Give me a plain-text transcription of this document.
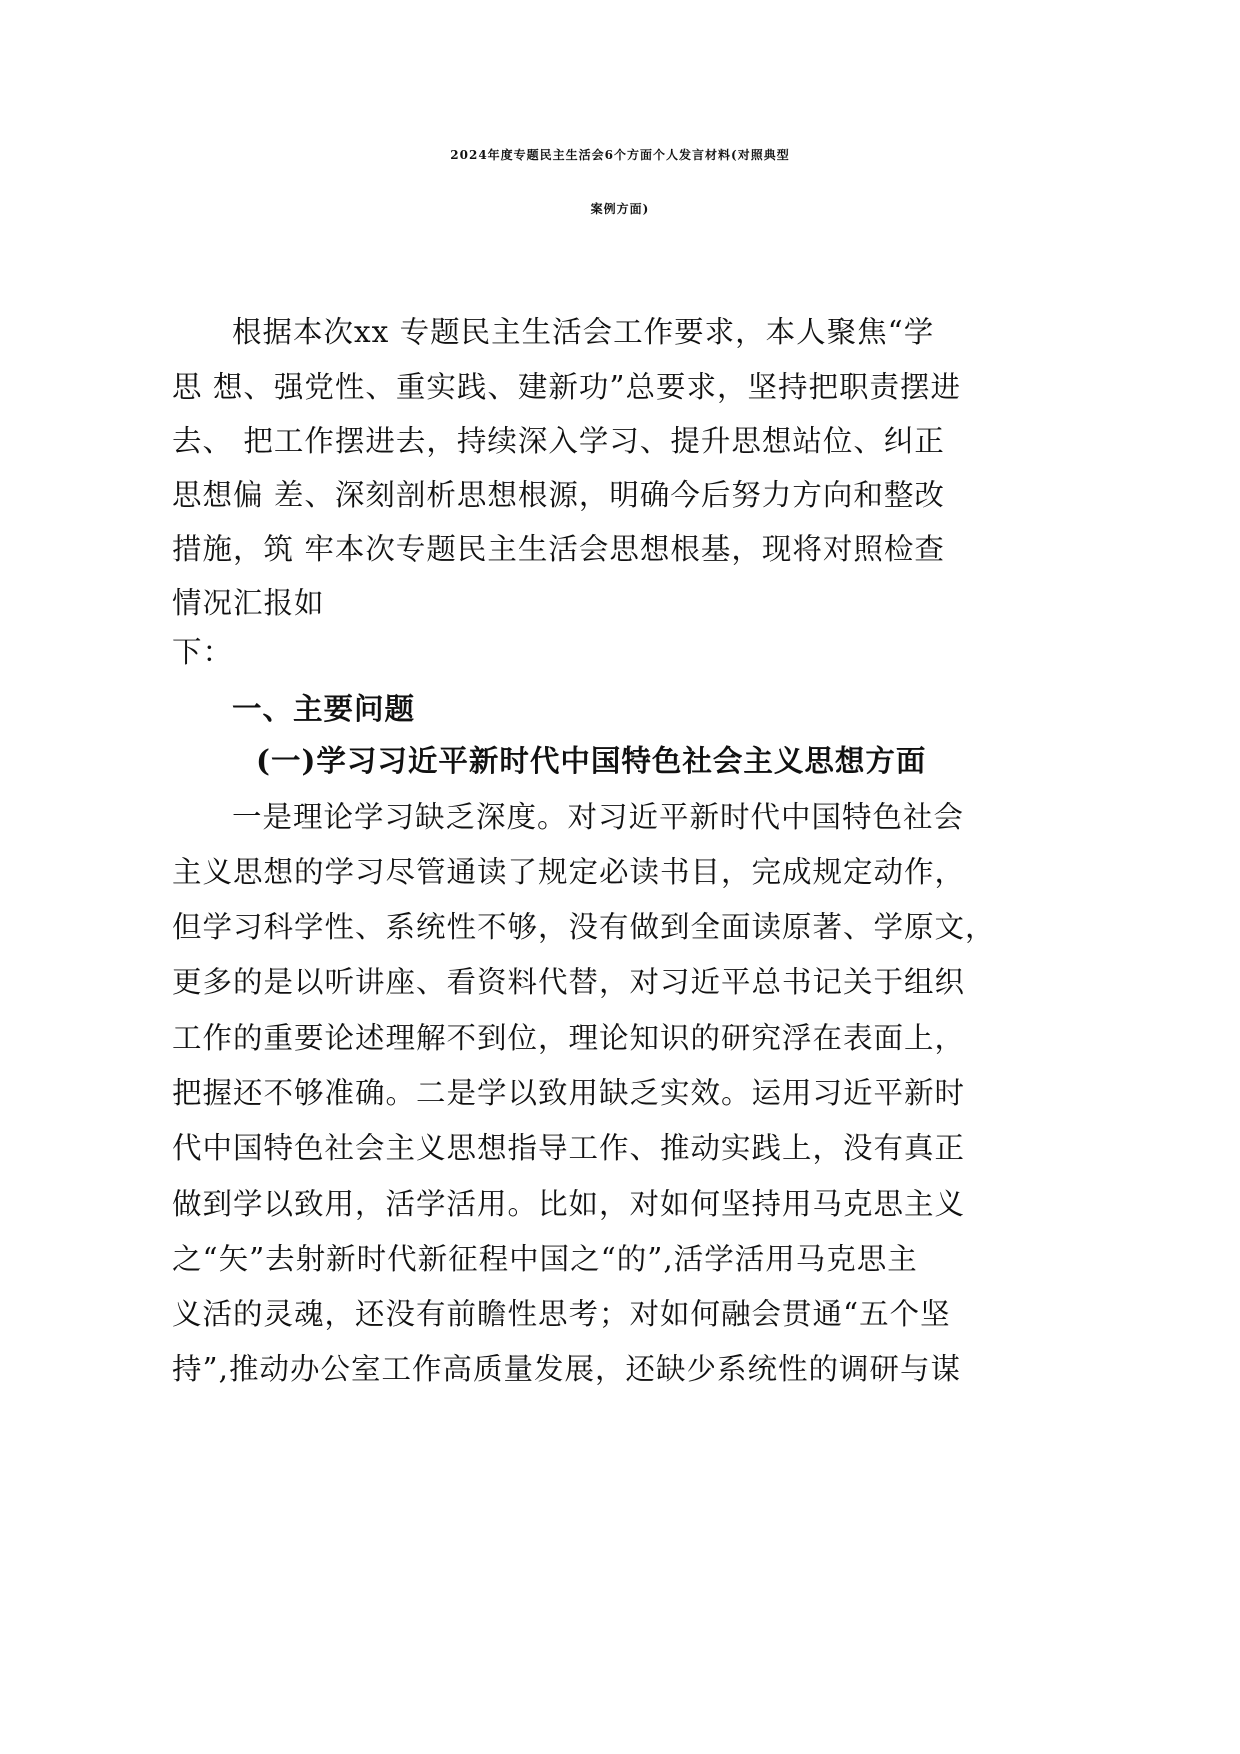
2024年度专题民主生活会6个方面个人发言材料(对照典型
案例方面)
根据本次xx 专题民主生活会工作要求，本人聚焦“学
思 想、强党性、重实践、建新功”总要求，坚持把职责摆进
去、 把工作摆进去，持续深入学习、提升思想站位、纠正
思想偏 差、深刻剖析思想根源，明确今后努力方向和整改
措施，筑 牢本次专题民主生活会思想根基，现将对照检查
情况汇报如
下：
一、主要问题
(一)学习习近平新时代中国特色社会主义思想方面
一是理论学习缺乏深度。对习近平新时代中国特色社会
主义思想的学习尽管通读了规定必读书目，完成规定动作，
但学习科学性、系统性不够，没有做到全面读原著、学原文，
更多的是以听讲座、看资料代替，对习近平总书记关于组织
工作的重要论述理解不到位，理论知识的研究浮在表面上，
把握还不够准确。二是学以致用缺乏实效。运用习近平新时
代中国特色社会主义思想指导工作、推动实践上，没有真正
做到学以致用，活学活用。比如，对如何坚持用马克思主义
之“矢”去射新时代新征程中国之“的”,活学活用马克思主
义活的灵魂，还没有前瞻性思考；对如何融会贯通“五个坚
持”,推动办公室工作高质量发展，还缺少系统性的调研与谋
